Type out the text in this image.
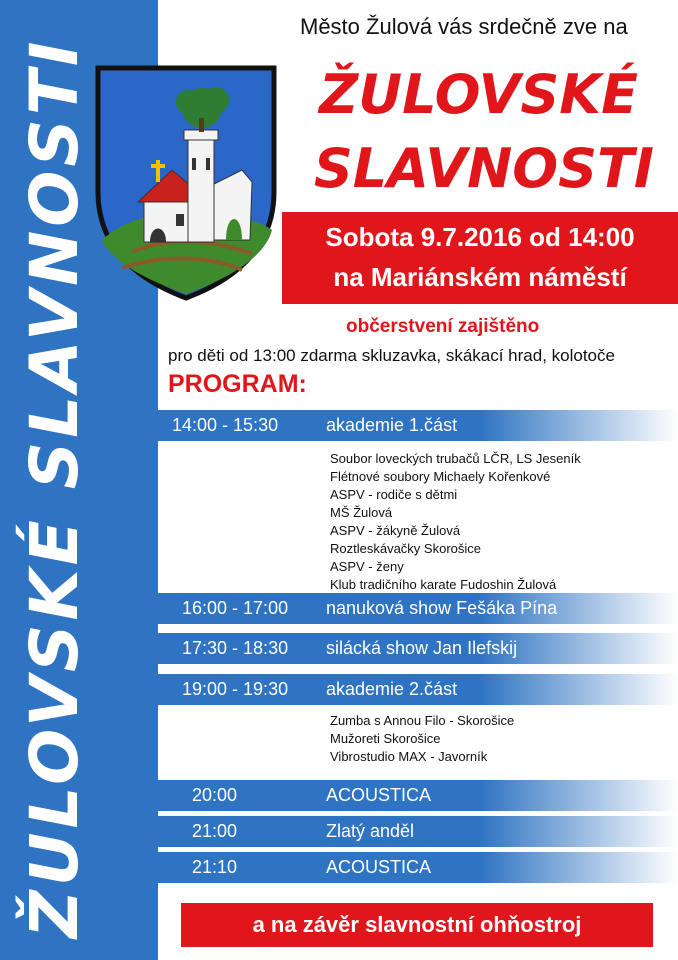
ŽULOVSKÉ SLAVNOSTI
Město Žulová vás srdečně zve na
ŽULOVSKÉ
SLAVNOSTI
Sobota 9.7.2016 od 14:00
na Mariánském náměstí
občerstvení zajištěno
pro děti od 13:00 zdarma skluzavka, skákací hrad, kolotoče
PROGRAM:
14:00 - 15:30	akademie 1.část
Soubor loveckých trubačů LČR, LS Jeseník
Flétnové soubory Michaely Kořenkové
ASPV - rodiče s dětmi
MŠ Žulová
ASPV - žákyně Žulová
Roztleskávačky Skorošice
ASPV - ženy
Klub tradičního karate Fudoshin Žulová
16:00 - 17:00 nanuková show Fešáka Pína
17:30 - 18:30 silácká show Jan Ilefskij
19:00 - 19:30 akademie 2.část
Zumba s Annou Filo - Skorošice
Mužoreti Skorošice
Vibrostudio MAX - Javorník
20:00	ACOUSTICA
21:00	Zlatý anděl
21:10	ACOUSTICA
a na závěr slavnostní ohňostroj
